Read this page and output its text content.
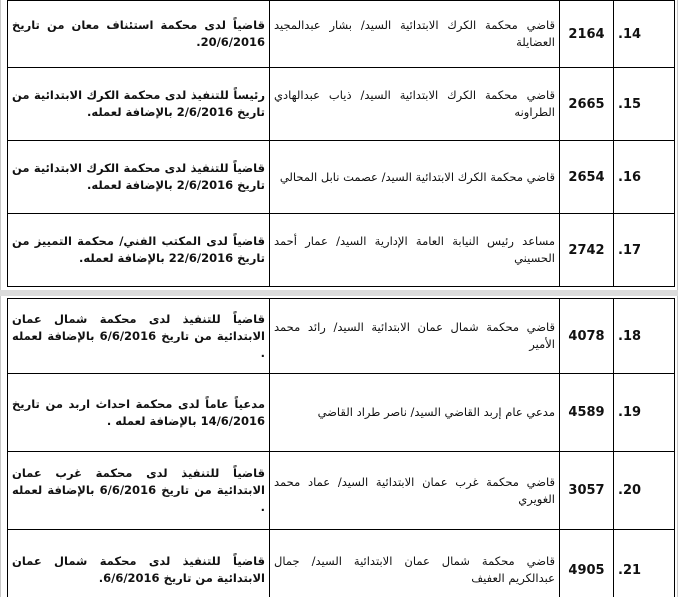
.14	2164	قاضي محكمة الكرك الابتدائية السيد/ بشار عبدالمجيد العضايلة	قاضياً لدى محكمة استئناف معان من تاريخ 20/6/2016.
.15	2665	قاضي محكمة الكرك الابتدائية السيد/ ذياب عبدالهادي الطراونه	رئيساً للتنفيذ لدى محكمة الكرك الابتدائية من تاريخ 2/6/2016 بالإضافة لعمله.
.16	2654	قاضي محكمة الكرك الابتدائية السيد/ عصمت نابل المحالي	قاضياً للتنفيذ لدى محكمة الكرك الابتدائية من تاريخ 2/6/2016 بالإضافة لعمله.
.17	2742	مساعد رئيس النيابة العامة الإدارية السيد/ عمار أحمد الحسيني	قاضياً لدى المكتب الفني/ محكمة التمييز من تاريخ 22/6/2016 بالإضافة لعمله.
.18	4078	قاضي محكمة شمال عمان الابتدائية السيد/ رائد محمد الأمير	قاضياً للتنفيذ لدى محكمة شمال عمان الابتدائية من تاريخ 6/6/2016 بالإضافة لعمله .
.19	4589	مدعي عام إربد القاضي السيد/ ناصر طراد القاضي	مدعياً عاماً لدى محكمة احداث اربد من تاريخ 14/6/2016 بالإضافة لعمله .
.20	3057	قاضي محكمة غرب عمان الابتدائية السيد/ عماد محمد الغويري	قاضياً للتنفيذ لدى محكمة غرب عمان الابتدائية من تاريخ 6/6/2016 بالإضافة لعمله .
.21	4905	قاضي محكمة شمال عمان الابتدائية السيد/ جمال عبدالكريم العفيف	قاضياً للتنفيذ لدى محكمة شمال عمان الابتدائية من تاريخ 6/6/2016.
